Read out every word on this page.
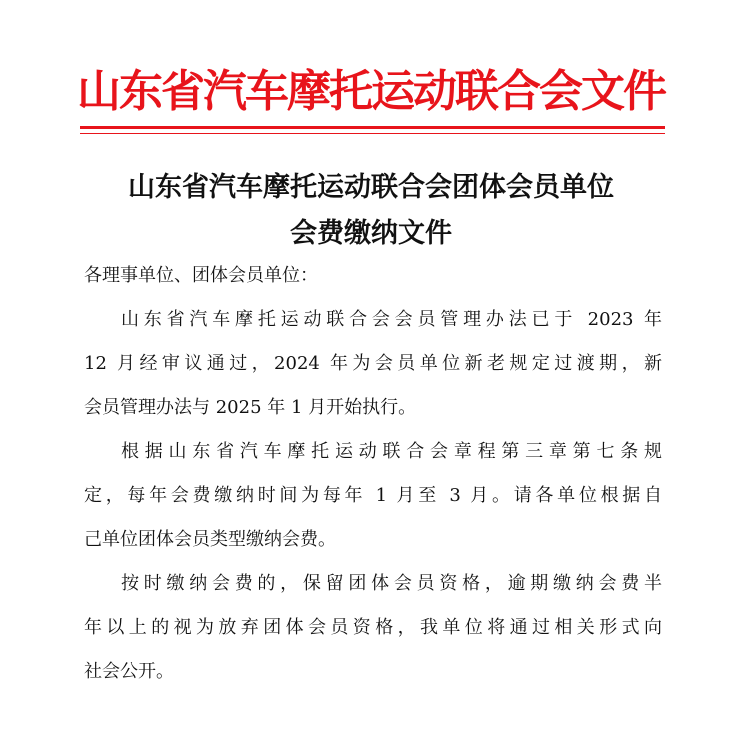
山东省汽车摩托运动联合会文件
山东省汽车摩托运动联合会团体会员单位
会费缴纳文件
各理事单位、团体会员单位：
山东省汽车摩托运动联合会会员管理办法已于 2023 年
12 月经审议通过，2024 年为会员单位新老规定过渡期，新
会员管理办法与 2025 年 1 月开始执行。
根据山东省汽车摩托运动联合会章程第三章第七条规
定，每年会费缴纳时间为每年 1 月至 3 月。请各单位根据自
己单位团体会员类型缴纳会费。
按时缴纳会费的，保留团体会员资格，逾期缴纳会费半
年以上的视为放弃团体会员资格，我单位将通过相关形式向
社会公开。
